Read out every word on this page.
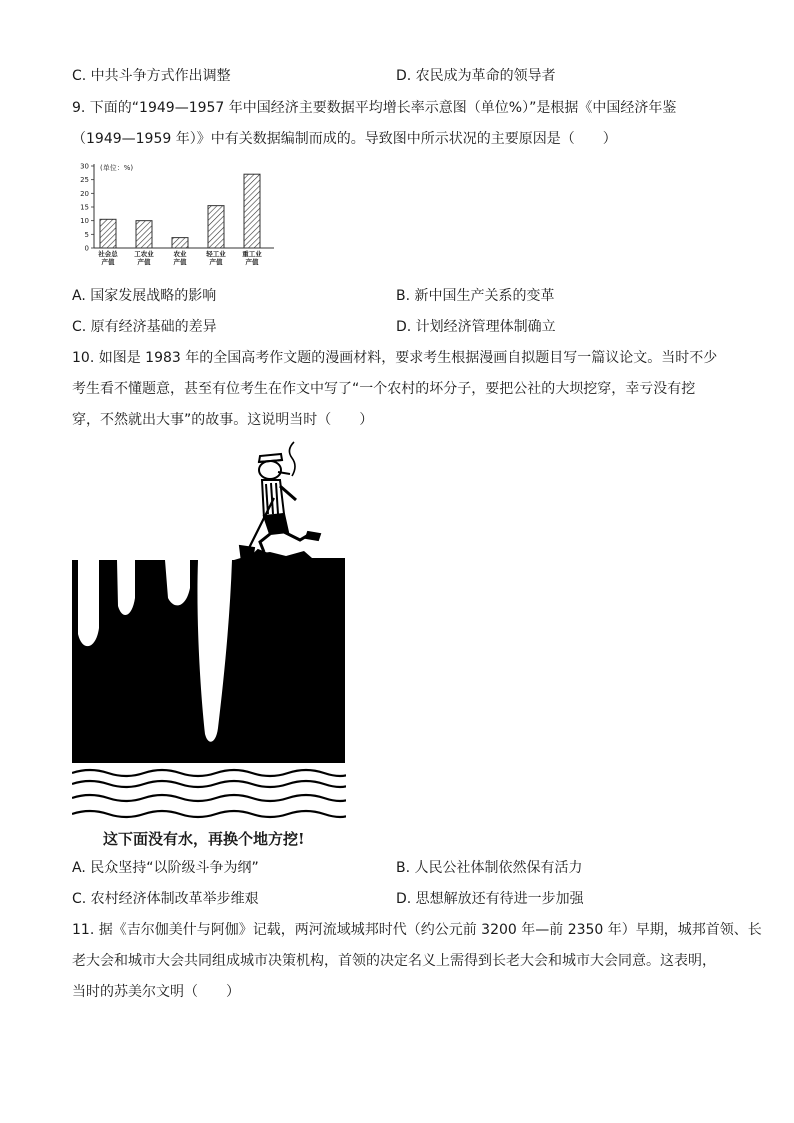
C. 中共斗争方式作出调整	D. 农民成为革命的领导者
9. 下面的“1949—1957 年中国经济主要数据平均增长率示意图（单位%）”是根据《中国经济年鉴
（1949—1959 年）》中有关数据编制而成的。导致图中所示状况的主要原因是（　　）
0
5
10
15
20
25
30 (单位：%)
社会总
产值
工农业
产值
农业
产值
轻工业
产值
重工业
产值
A. 国家发展战略的影响	B. 新中国生产关系的变革
C. 原有经济基础的差异	D. 计划经济管理体制确立
10. 如图是 1983 年的全国高考作文题的漫画材料，要求考生根据漫画自拟题目写一篇议论文。当时不少
考生看不懂题意，甚至有位考生在作文中写了“一个农村的坏分子，要把公社的大坝挖穿，幸亏没有挖
穿，不然就出大事”的故事。这说明当时（　　）
这下面没有水，再换个地方挖!
A. 民众坚持“以阶级斗争为纲”	B. 人民公社体制依然保有活力
C. 农村经济体制改革举步维艰	D. 思想解放还有待进一步加强
11. 据《吉尔伽美什与阿伽》记载，两河流域城邦时代（约公元前 3200 年—前 2350 年）早期，城邦首领、长
老大会和城市大会共同组成城市决策机构，首领的决定名义上需得到长老大会和城市大会同意。这表明，
当时的苏美尔文明（　　）
